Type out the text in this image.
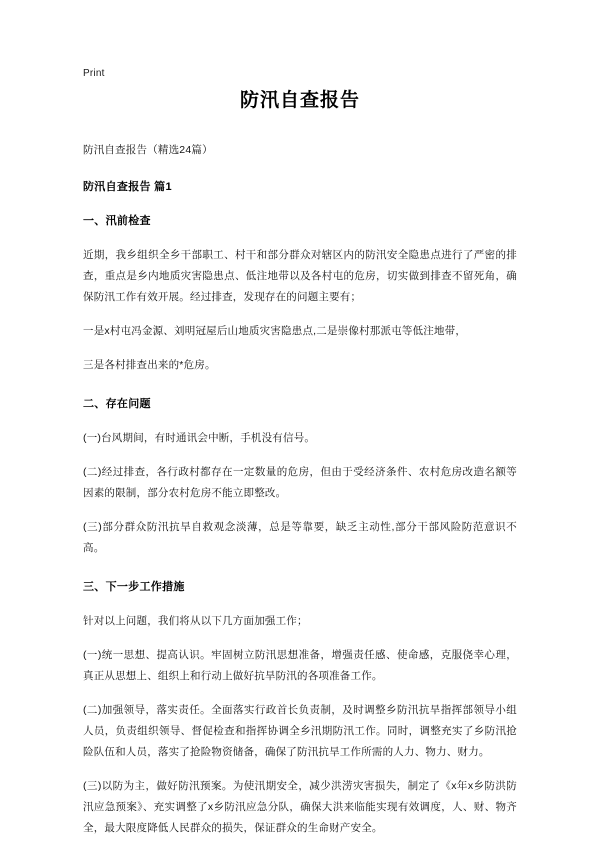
Print
防汛自查报告

防汛自查报告（精选24篇）

防汛自查报告 篇1

一、汛前检查

近期，我乡组织全乡干部职工、村干和部分群众对辖区内的防汛安全隐患点进行了严密的排查，重点是乡内地质灾害隐患点、低注地带以及各村屯的危房，切实做到排查不留死角，确保防汛工作有效开展。经过排查，发现存在的问题主要有；

一是x村屯冯金源、刘明冠屋后山地质灾害隐患点,二是崇像村那派屯等低注地带，

三是各村排查出来的*危房。

二、存在问题

(一)台风期间，有时通讯会中断，手机没有信号。

(二)经过排查，各行政村都存在一定数量的危房，但由于受经济条件、农村危房改造名额等因素的限制，部分农村危房不能立即整改。

(三)部分群众防汛抗旱自救观念淡薄，总是等靠要，缺乏主动性,部分干部风险防范意识不高。

三、下一步工作措施

针对以上问题，我们将从以下几方面加强工作；

(一)统一思想、提高认识。牢固树立防汛思想准备，增强责任感、使命感，克服侥幸心理，真正从思想上、组织上和行动上做好抗旱防汛的各项准备工作。

(二)加强领导，落实责任。全面落实行政首长负责制，及时调整乡防汛抗旱指挥部领导小组人员，负责组织领导、督促检查和指挥协调全乡汛期防汛工作。同时，调整充实了乡防汛抢险队伍和人员，落实了抢险物资储备，确保了防汛抗旱工作所需的人力、物力、财力。

(三)以防为主，做好防汛预案。为使汛期安全，减少洪涝灾害损失，制定了《x年x乡防洪防汛应急预案》、充实调整了x乡防汛应急分队，确保大洪来临能实现有效调度，人、财、物齐全，最大限度降低人民群众的损失，保证群众的生命财产安全。
